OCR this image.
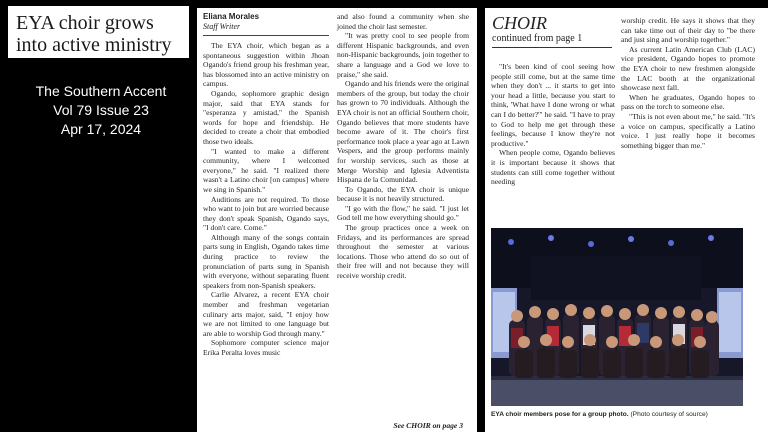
EYA choir grows into active ministry
The Southern Accent
Vol 79 Issue 23
Apr 17, 2024
Eliana Morales
Staff Writer

The EYA choir, which began as a spontaneous suggestion within Jhoan Ogando's friend group his freshman year, has blossomed into an active ministry on campus.

Ogando, sophomore graphic design major, said that EYA stands for "esperanza y amistad," the Spanish words for hope and friendship. He decided to create a choir that embodied those two ideals.

"I wanted to make a different community, where I welcomed everyone," he said. "I realized there wasn't a Latino choir [on campus] where we sing in Spanish."

Auditions are not required. To those who want to join but are worried because they don't speak Spanish, Ogando says, "I don't care. Come."

Although many of the songs contain parts sung in English, Ogando takes time during practice to review the pronunciation of parts sung in Spanish with everyone, without separating fluent speakers from non-Spanish speakers.

Carlie Alvarez, a recent EYA choir member and freshman vegetarian culinary arts major, said, "I enjoy how we are not limited to one language but are able to worship God through many."

Sophomore computer science major Erika Peralta loves music

and also found a community when she joined the choir last semester.

"It was pretty cool to see people from different Hispanic backgrounds, and even non-Hispanic backgrounds, join together to share a language and a God we love to praise," she said.

Ogando and his friends were the original members of the group, but today the choir has grown to 70 individuals. Although the EYA choir is not an official Southern choir, Ogando believes that more students have become aware of it. The choir's first performance took place a year ago at Lawn Vespers, and the group performs mainly for worship services, such as those at Merge Worship and Iglesia Adventista Hispana de la Comunidad.

To Ogando, the EYA choir is unique because it is not heavily structured.

"I go with the flow," he said. "I just let God tell me how everything should go."

The group practices once a week on Fridays, and its performances are spread throughout the semester at various locations. Those who attend do so out of their free will and not because they will receive worship credit.

See CHOIR on page 3
CHOIR
continued from page 1

"It's been kind of cool seeing how people still come, but at the same time when they don't ... it starts to get into your head a little, because you start to think, 'What have I done wrong or what can I do better?'" he said. "I have to pray to God to help me get through these feelings, because I know they're not productive."

When people come, Ogando believes it is important because it shows that students can still come together without needing

worship credit. He says it shows that they can take time out of their day to "be there and just sing and worship together."

As current Latin American Club (LAC) vice president, Ogando hopes to promote the EYA choir to new freshmen alongside the LAC booth at the organizational showcase next fall.

When he graduates, Ogando hopes to pass on the torch to someone else.

"This is not even about me," he said. "It's a voice on campus, specifically a Latino voice. I just really hope it becomes something bigger than me."

EYA choir members pose for a group photo. (Photo courtesy of source)
